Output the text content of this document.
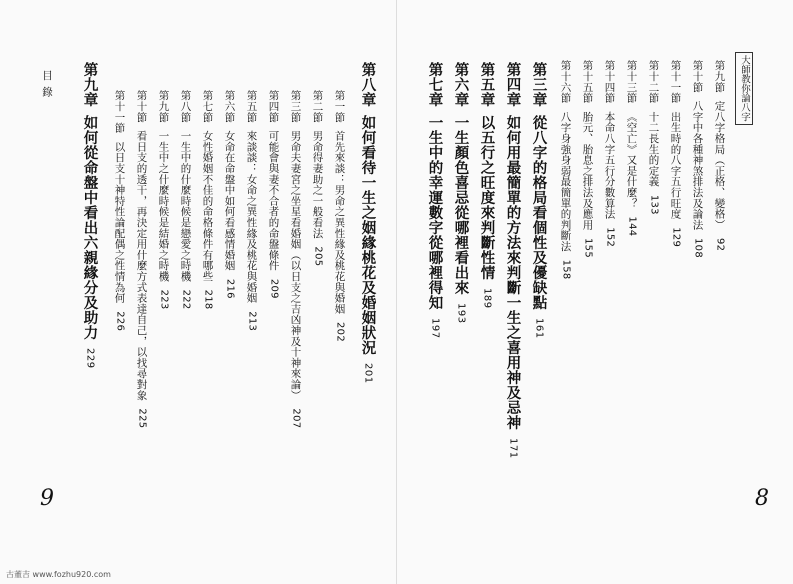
目錄
9
古董吉 www.fozhu920.com
第八章如何看待一生之姻緣桃花及婚姻狀況201
第一節首先來談：男命之異性緣及桃花與婚姻202
第二節男命得妻助之一般看法205
第三節男命夫妻宮之坐星看婚姻（以日支之吉凶神及十神來論）207
第四節可能會與妻不合者的命盤條件209
第五節來談談：女命之異性緣及桃花與婚姻213
第六節女命在命盤中如何看感情婚姻216
第七節女性婚姻不佳的命格條件有哪些218
第八節一生中的什麼時候是戀愛之時機222
第九節一生中之什麼時候是結婚之時機223
第十節看日支的透干，再決定用什麼方式表達自己，以找尋對象225
第十一節以日支十神特性論配偶之性情為何226
第九章如何從命盤中看出六親緣分及助力229
大師教你論八字
8
第九節定八字格局（正格、變格）92
第十節八字中各種神煞排法及論法108
第十一節出生時的八字五行旺度129
第十二節十二長生的定義133
第十三節《空亡》又是什麼？144
第十四節本命八字五行分數算法152
第十五節胎元、胎息之排法及應用155
第十六節八字身強身弱最簡單的判斷法158
第三章從八字的格局看個性及優缺點161
第四章如何用最簡單的方法來判斷一生之喜用神及忌神171
第五章以五行之旺度來判斷性情189
第六章一生顏色喜忌從哪裡看出來193
第七章一生中的幸運數字從哪裡得知197
